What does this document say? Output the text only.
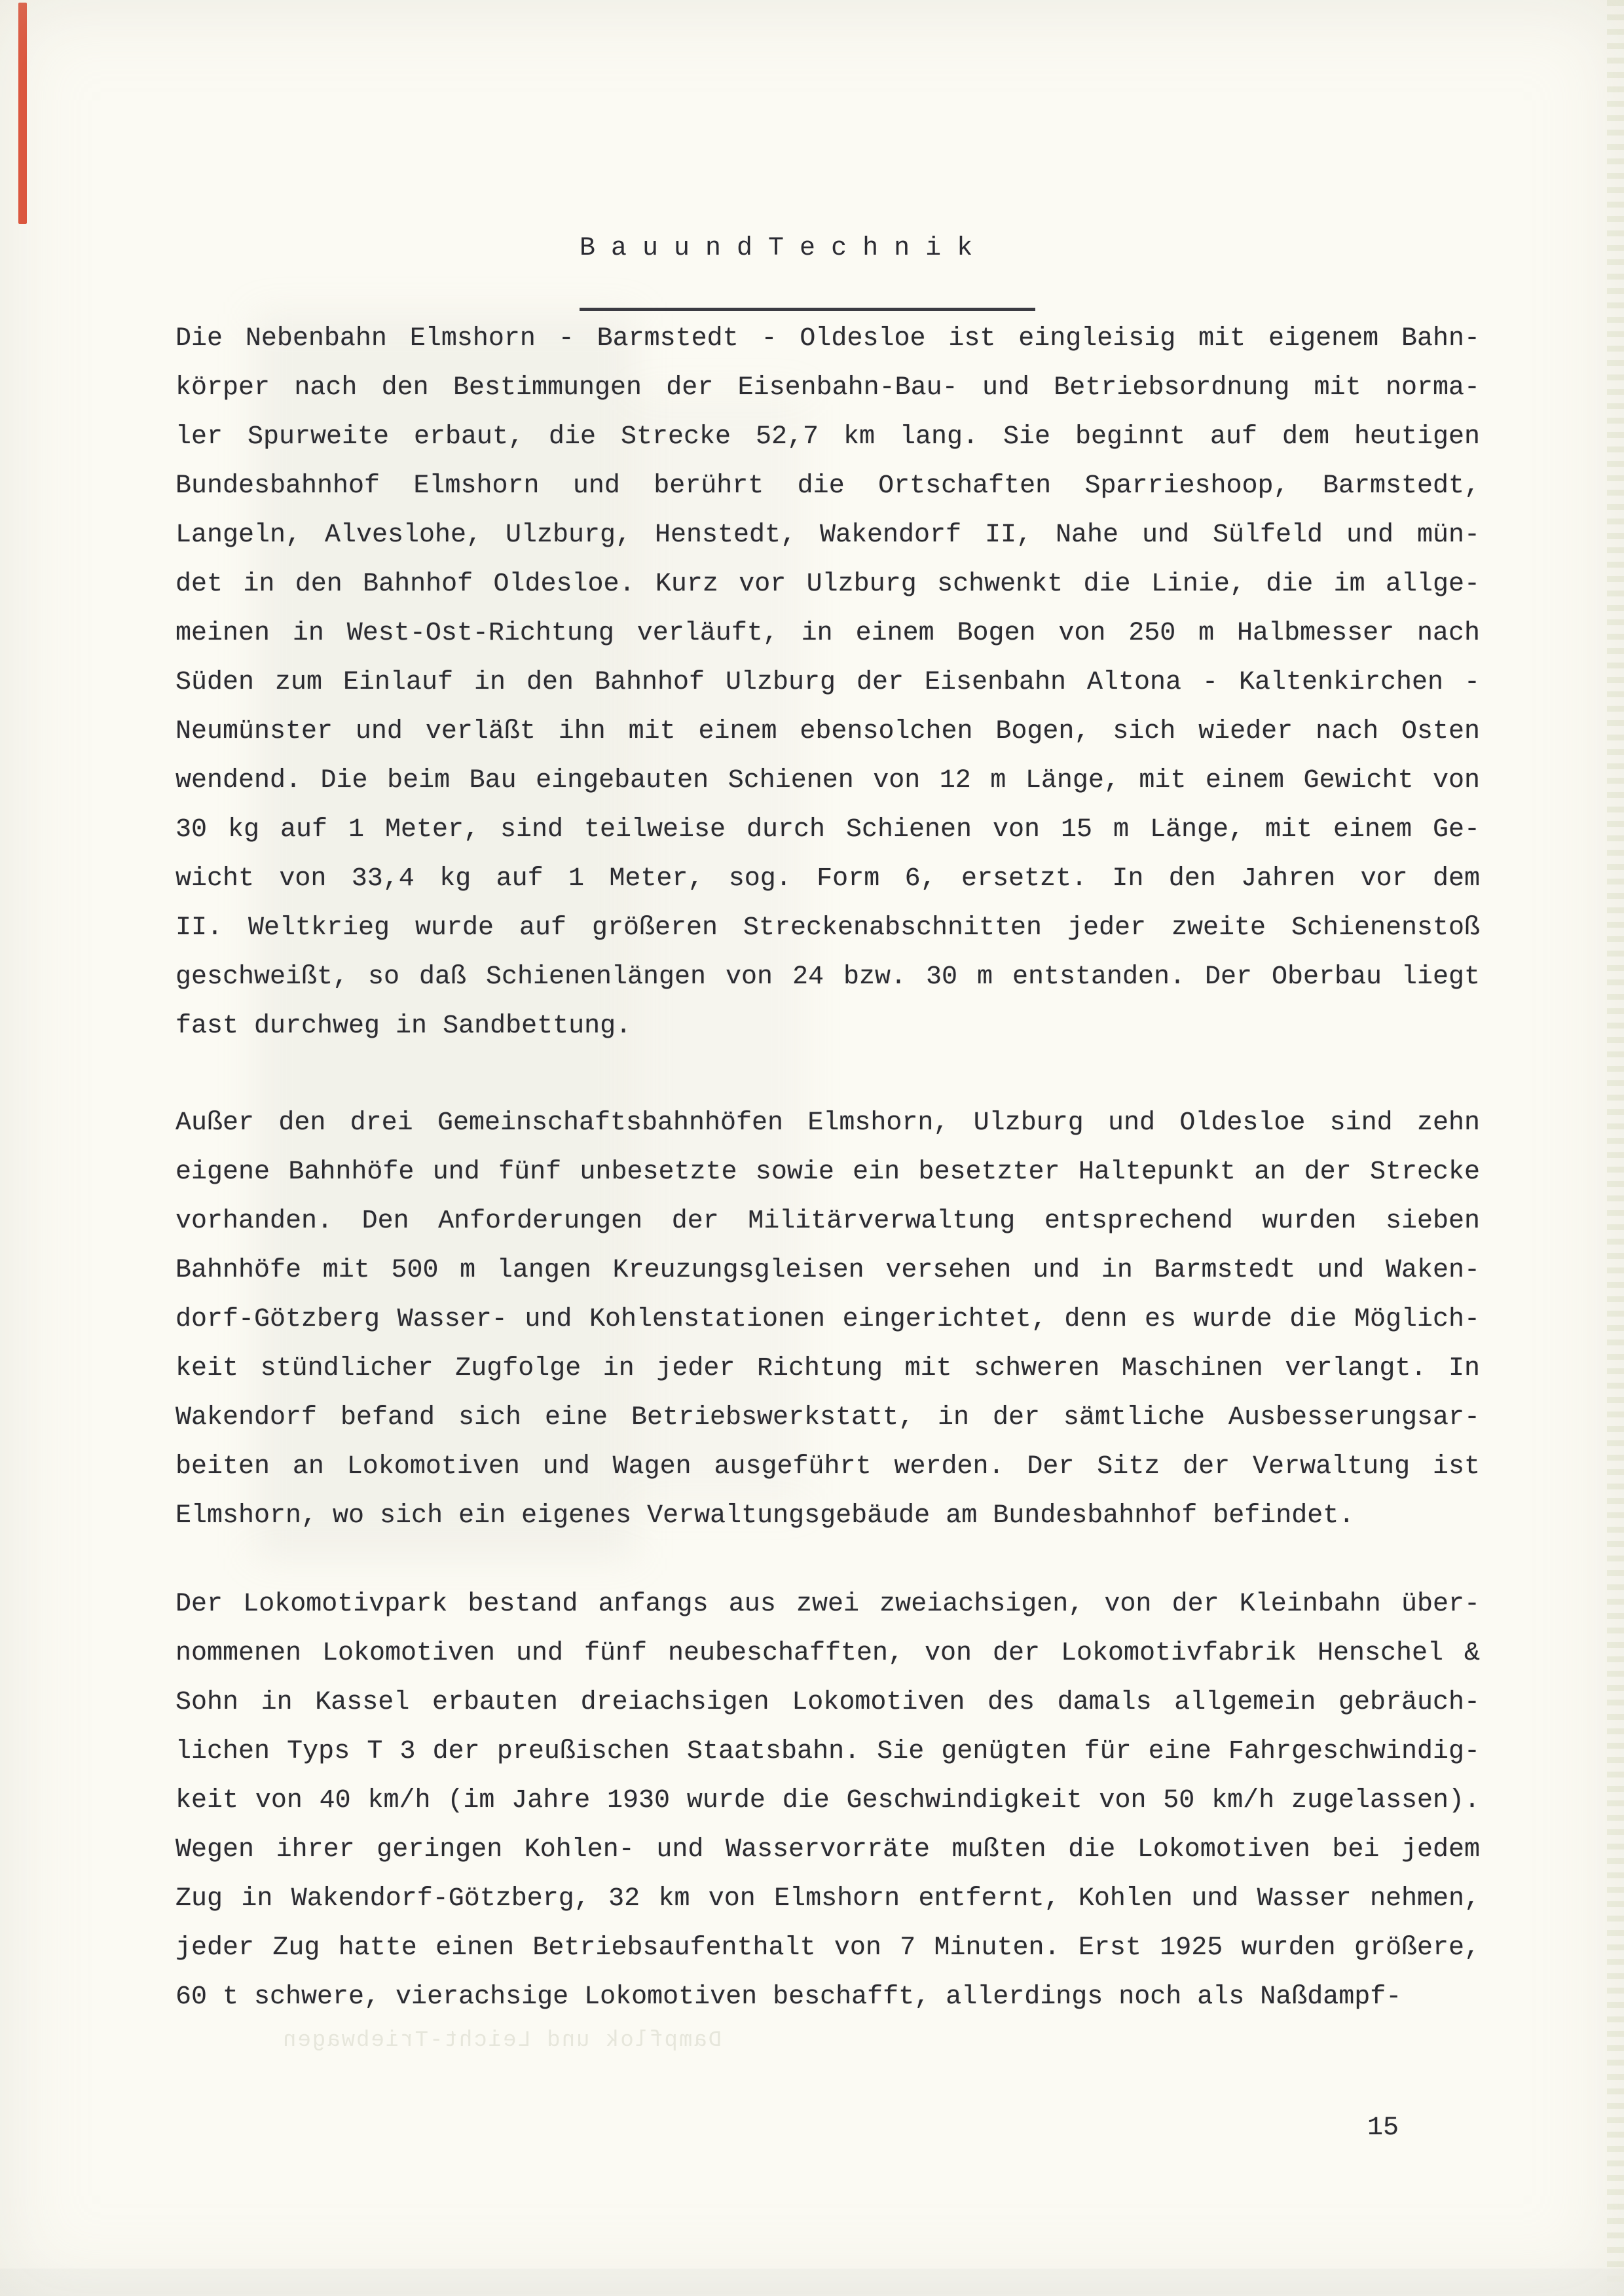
B a u u n d T e c h n i k
Die Nebenbahn Elmshorn - Barmstedt - Oldesloe ist eingleisig mit eigenem Bahn-
körper nach den Bestimmungen der Eisenbahn-Bau- und Betriebsordnung mit norma-
ler Spurweite erbaut, die Strecke 52,7 km lang. Sie beginnt auf dem heutigen
Bundesbahnhof Elmshorn und berührt die Ortschaften Sparrieshoop, Barmstedt,
Langeln, Alveslohe, Ulzburg, Henstedt, Wakendorf II, Nahe und Sülfeld und mün-
det in den Bahnhof Oldesloe. Kurz vor Ulzburg schwenkt die Linie, die im allge-
meinen in West-Ost-Richtung verläuft, in einem Bogen von 250 m Halbmesser nach
Süden zum Einlauf in den Bahnhof Ulzburg der Eisenbahn Altona - Kaltenkirchen -
Neumünster und verläßt ihn mit einem ebensolchen Bogen, sich wieder nach Osten
wendend. Die beim Bau eingebauten Schienen von 12 m Länge, mit einem Gewicht von
30 kg auf 1 Meter, sind teilweise durch Schienen von 15 m Länge, mit einem Ge-
wicht von 33,4 kg auf 1 Meter, sog. Form 6, ersetzt. In den Jahren vor dem
II. Weltkrieg wurde auf größeren Streckenabschnitten jeder zweite Schienenstoß
geschweißt, so daß Schienenlängen von 24 bzw. 30 m entstanden. Der Oberbau liegt
fast durchweg in Sandbettung.
Außer den drei Gemeinschaftsbahnhöfen Elmshorn, Ulzburg und Oldesloe sind zehn
eigene Bahnhöfe und fünf unbesetzte sowie ein besetzter Haltepunkt an der Strecke
vorhanden. Den Anforderungen der Militärverwaltung entsprechend wurden sieben
Bahnhöfe mit 500 m langen Kreuzungsgleisen versehen und in Barmstedt und Waken-
dorf-Götzberg Wasser- und Kohlenstationen eingerichtet, denn es wurde die Möglich-
keit stündlicher Zugfolge in jeder Richtung mit schweren Maschinen verlangt. In
Wakendorf befand sich eine Betriebswerkstatt, in der sämtliche Ausbesserungsar-
beiten an Lokomotiven und Wagen ausgeführt werden. Der Sitz der Verwaltung ist
Elmshorn, wo sich ein eigenes Verwaltungsgebäude am Bundesbahnhof befindet.
Der Lokomotivpark bestand anfangs aus zwei zweiachsigen, von der Kleinbahn über-
nommenen Lokomotiven und fünf neubeschafften, von der Lokomotivfabrik Henschel &
Sohn in Kassel erbauten dreiachsigen Lokomotiven des damals allgemein gebräuch-
lichen Typs T 3 der preußischen Staatsbahn. Sie genügten für eine Fahrgeschwindig-
keit von 40 km/h (im Jahre 1930 wurde die Geschwindigkeit von 50 km/h zugelassen).
Wegen ihrer geringen Kohlen- und Wasservorräte mußten die Lokomotiven bei jedem
Zug in Wakendorf-Götzberg, 32 km von Elmshorn entfernt, Kohlen und Wasser nehmen,
jeder Zug hatte einen Betriebsaufenthalt von 7 Minuten. Erst 1925 wurden größere,
60 t schwere, vierachsige Lokomotiven beschafft, allerdings noch als Naßdampf-
Dampflok und Leicht-Triebwagen
15
